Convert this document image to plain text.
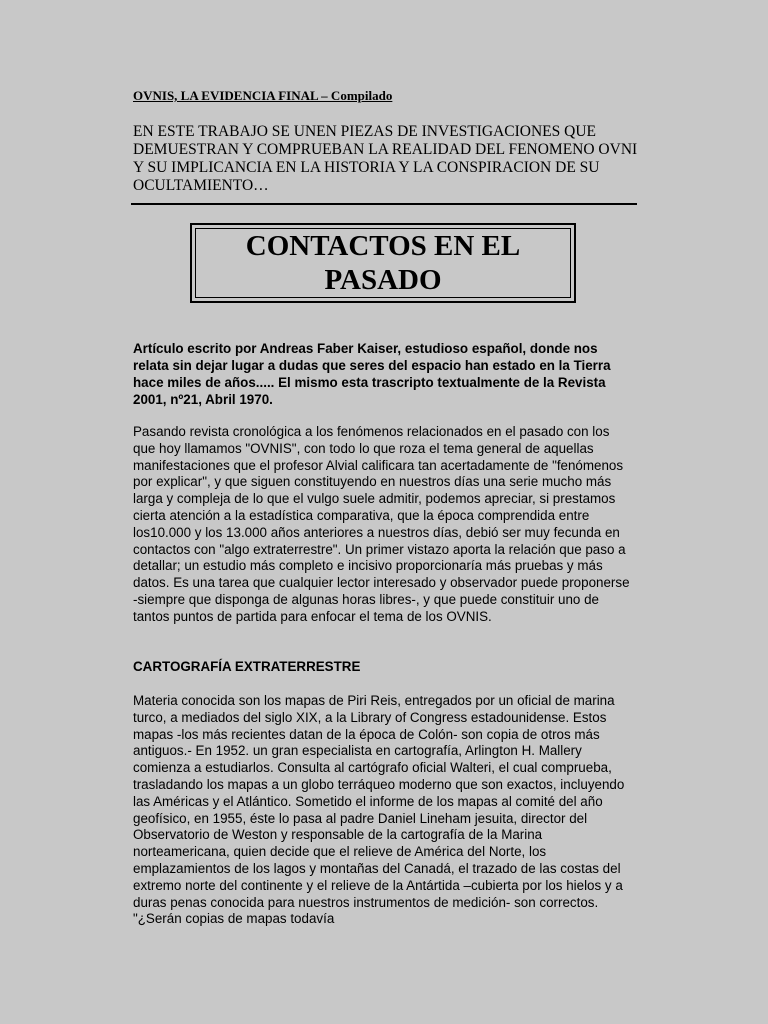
OVNIS, LA EVIDENCIA FINAL – Compilado
EN ESTE TRABAJO SE UNEN PIEZAS DE INVESTIGACIONES QUE DEMUESTRAN Y COMPRUEBAN LA REALIDAD DEL FENOMENO OVNI Y SU IMPLICANCIA EN LA HISTORIA Y LA CONSPIRACION DE SU OCULTAMIENTO…
CONTACTOS EN EL PASADO
Artículo escrito por Andreas Faber Kaiser, estudioso español, donde nos relata sin dejar lugar a dudas que seres del espacio han estado en la Tierra hace miles de años..... El mismo esta trascripto textualmente de la Revista 2001, nº21, Abril 1970.
Pasando revista cronológica a los fenómenos relacionados en el pasado con los que hoy llamamos "OVNIS", con todo lo que roza el tema general de aquellas manifestaciones que el profesor Alvial calificara tan acertadamente de "fenómenos por explicar", y que siguen constituyendo en nuestros días una serie mucho más larga y compleja de lo que el vulgo suele admitir, podemos apreciar, si prestamos cierta atención a la estadística comparativa, que la época comprendida entre los10.000 y los 13.000 años anteriores a nuestros días, debió ser muy fecunda en contactos con "algo extraterrestre". Un primer vistazo aporta la relación que paso a detallar; un estudio más completo e incisivo proporcionaría más pruebas y más datos. Es una tarea que cualquier lector interesado y observador puede proponerse -siempre que disponga de algunas horas libres-, y que puede constituir uno de tantos puntos de partida para enfocar el tema de los OVNIS.
CARTOGRAFÍA EXTRATERRESTRE
Materia conocida son los mapas de Piri Reis, entregados por un oficial de marina turco, a mediados del siglo XIX, a la Library of Congress estadounidense. Estos mapas -los más recientes datan de la época de Colón- son copia de otros más antiguos.- En 1952. un gran especialista en cartografía, Arlington H. Mallery comienza a estudiarlos. Consulta al cartógrafo oficial Walteri, el cual comprueba, trasladando los mapas a un globo terráqueo moderno que son exactos, incluyendo las Américas y el Atlántico. Sometido el informe de los mapas al comité del año geofísico, en 1955, éste lo pasa al padre Daniel Lineham jesuita, director del Observatorio de Weston y responsable de la cartografía de la Marina norteamericana, quien decide que el relieve de América del Norte, los emplazamientos de los lagos y montañas del Canadá, el trazado de las costas del extremo norte del continente y el relieve de la Antártida –cubierta por los hielos y a duras penas conocida para nuestros instrumentos de medición- son correctos. "¿Serán copias de mapas todavía
